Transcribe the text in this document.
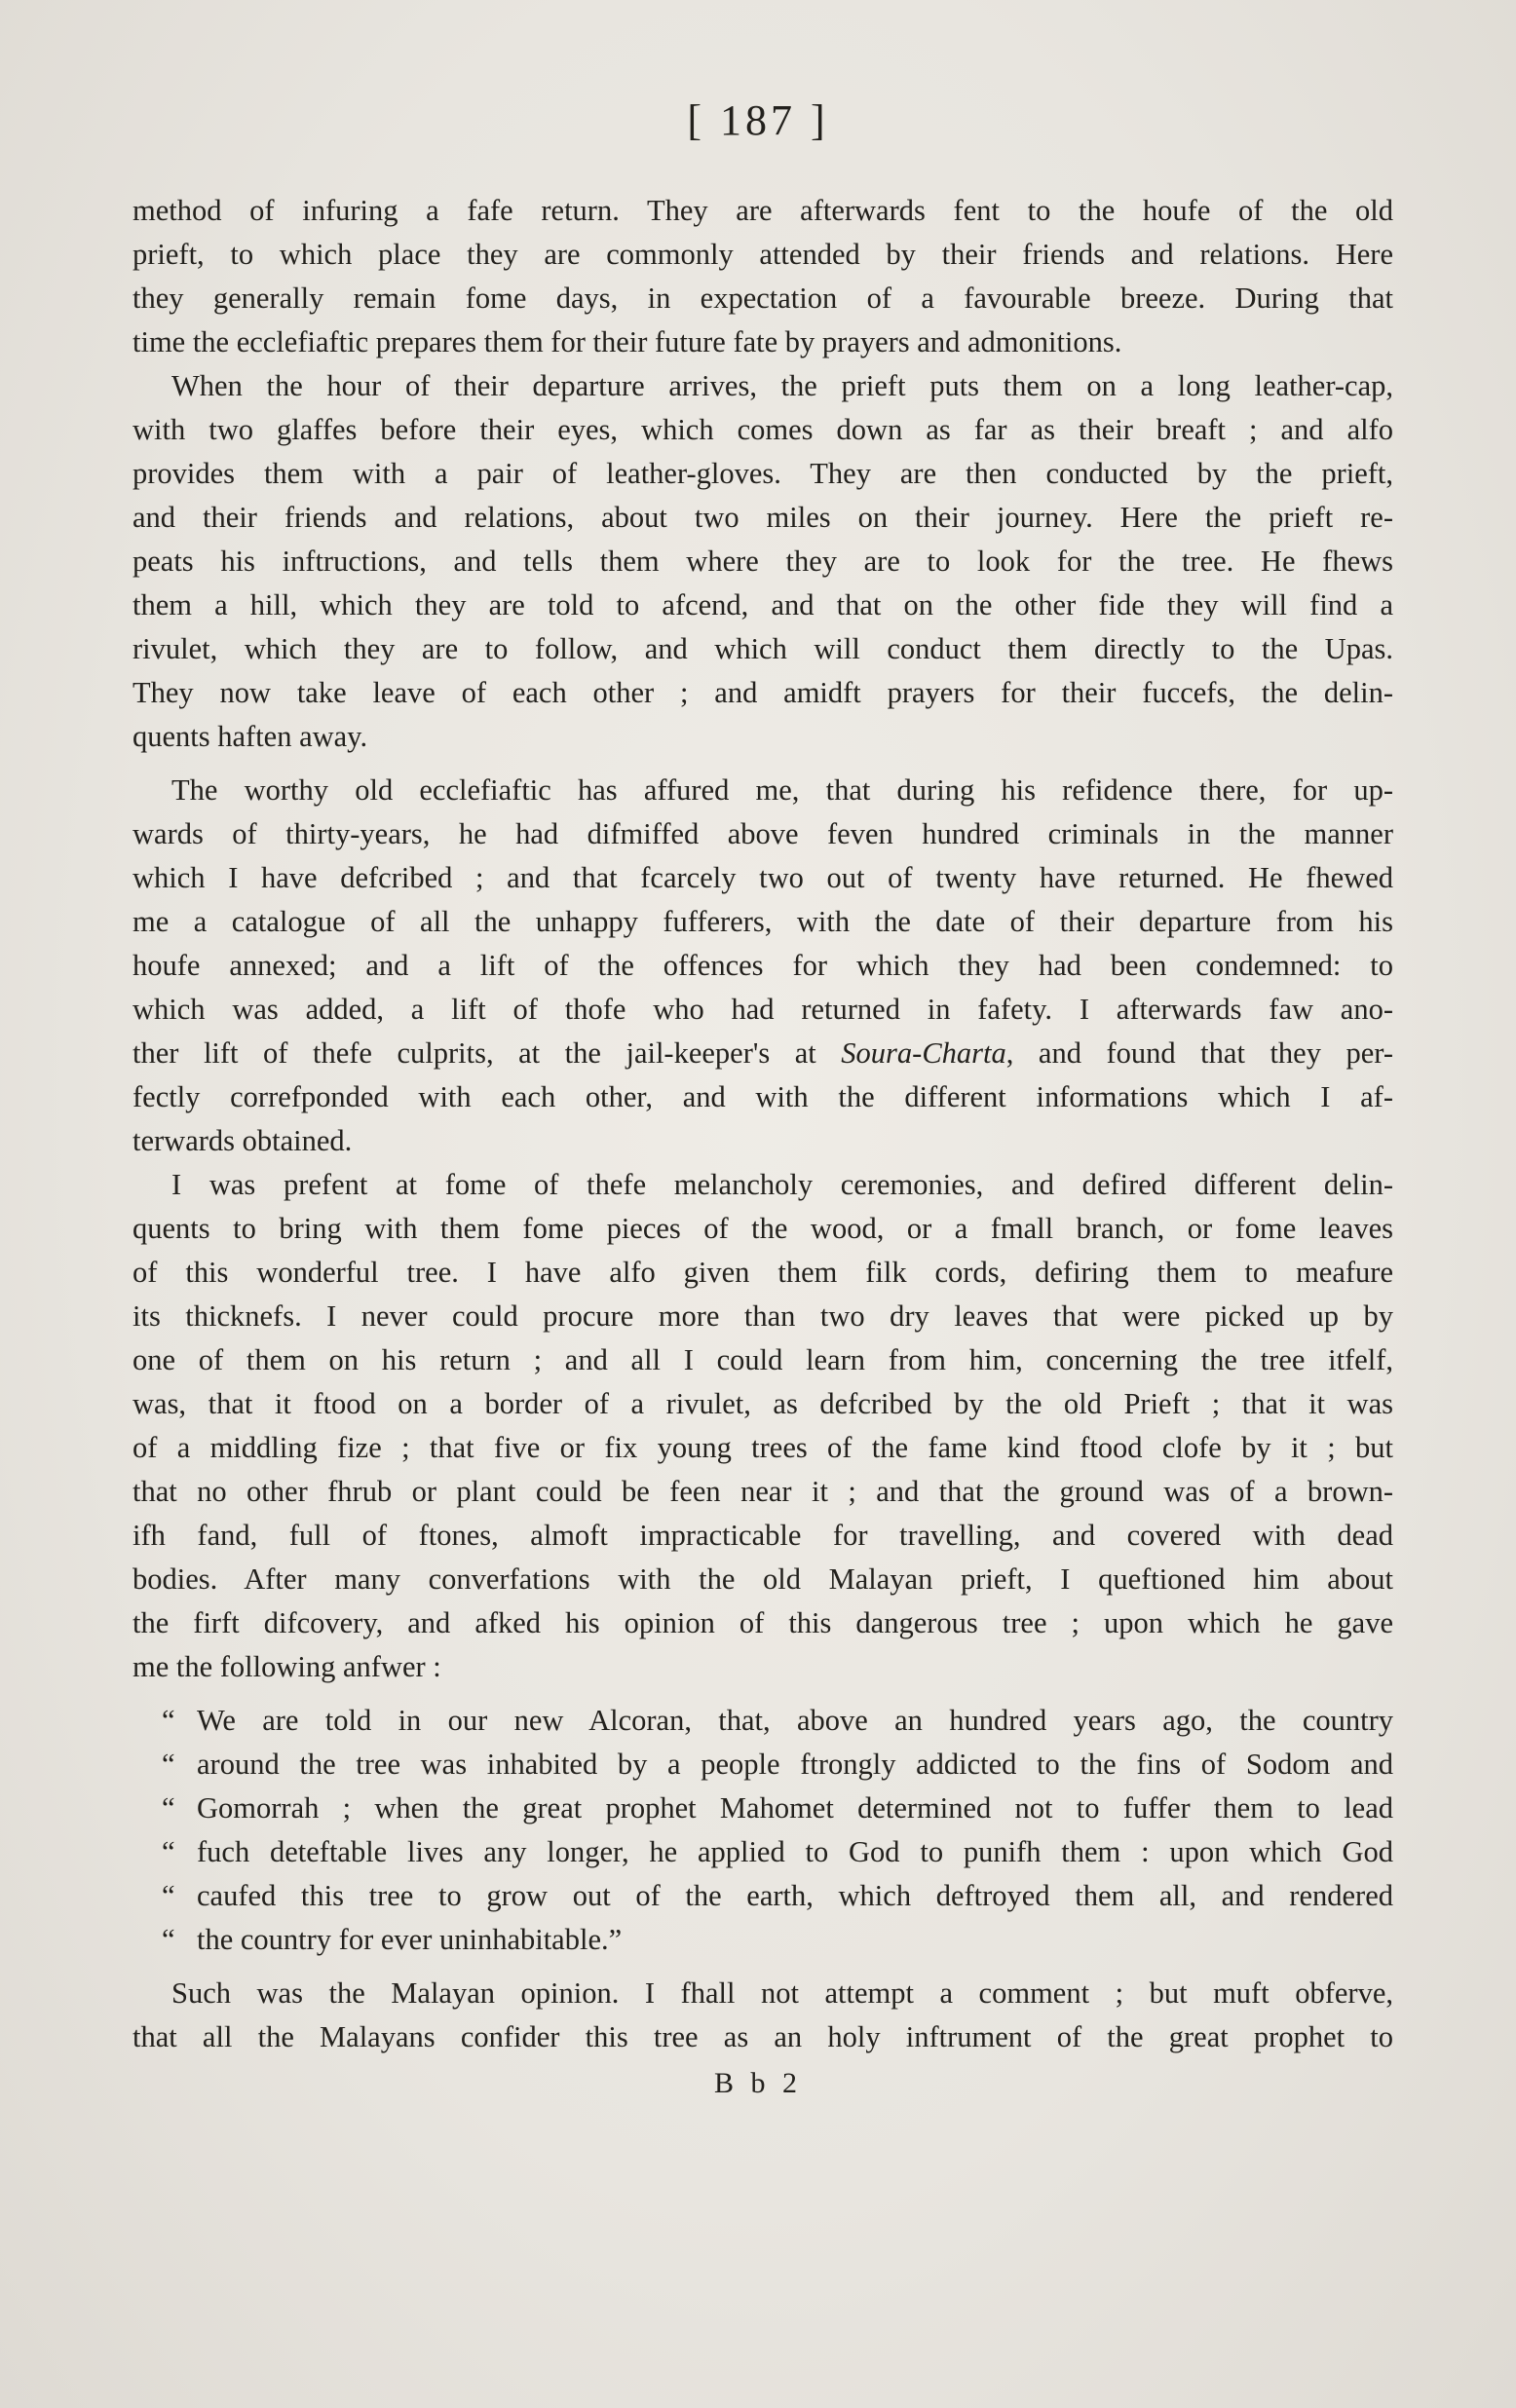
[ 187 ]
method of infuring a fafe return. They are afterwards fent to the houfe of the old
prieft, to which place they are commonly attended by their friends and relations. Here
they generally remain fome days, in expectation of a favourable breeze. During that
time the ecclefiaftic prepares them for their future fate by prayers and admonitions.
When the hour of their departure arrives, the prieft puts them on a long leather-cap,
with two glaffes before their eyes, which comes down as far as their breaft ; and alfo
provides them with a pair of leather-gloves. They are then conducted by the prieft,
and their friends and relations, about two miles on their journey. Here the prieft re-
peats his inftructions, and tells them where they are to look for the tree. He fhews
them a hill, which they are told to afcend, and that on the other fide they will find a
rivulet, which they are to follow, and which will conduct them directly to the Upas.
They now take leave of each other ; and amidft prayers for their fuccefs, the delin-
quents haften away.
The worthy old ecclefiaftic has affured me, that during his refidence there, for up-
wards of thirty-years, he had difmiffed above feven hundred criminals in the manner
which I have defcribed ; and that fcarcely two out of twenty have returned. He fhewed
me a catalogue of all the unhappy fufferers, with the date of their departure from his
houfe annexed; and a lift of the offences for which they had been condemned: to
which was added, a lift of thofe who had returned in fafety. I afterwards faw ano-
ther lift of thefe culprits, at the jail-keeper's at Soura-Charta, and found that they per-
fectly correfponded with each other, and with the different informations which I af-
terwards obtained.
I was prefent at fome of thefe melancholy ceremonies, and defired different delin-
quents to bring with them fome pieces of the wood, or a fmall branch, or fome leaves
of this wonderful tree. I have alfo given them filk cords, defiring them to meafure
its thicknefs. I never could procure more than two dry leaves that were picked up by
one of them on his return ; and all I could learn from him, concerning the tree itfelf,
was, that it ftood on a border of a rivulet, as defcribed by the old Prieft ; that it was
of a middling fize ; that five or fix young trees of the fame kind ftood clofe by it ; but
that no other fhrub or plant could be feen near it ; and that the ground was of a brown-
ifh fand, full of ftones, almoft impracticable for travelling, and covered with dead
bodies. After many converfations with the old Malayan prieft, I queftioned him about
the firft difcovery, and afked his opinion of this dangerous tree ; upon which he gave
me the following anfwer :
“ We are told in our new Alcoran, that, above an hundred years ago, the country
“ around the tree was inhabited by a people ftrongly addicted to the fins of Sodom and
“ Gomorrah ; when the great prophet Mahomet determined not to fuffer them to lead
“ fuch deteftable lives any longer, he applied to God to punifh them : upon which God
“ caufed this tree to grow out of the earth, which deftroyed them all, and rendered
“ the country for ever uninhabitable.”
Such was the Malayan opinion. I fhall not attempt a comment ; but muft obferve,
that all the Malayans confider this tree as an holy inftrument of the great prophet to
B b 2
